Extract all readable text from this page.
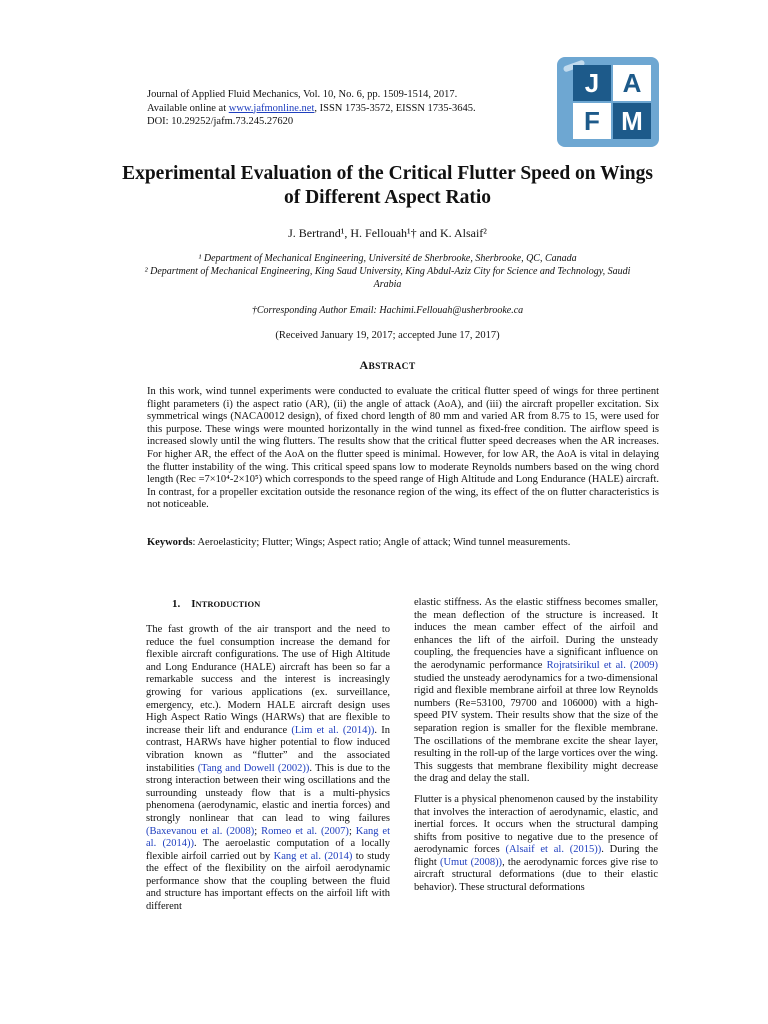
Journal of Applied Fluid Mechanics, Vol. 10, No. 6, pp. 1509-1514, 2017.
Available online at www.jafmonline.net, ISSN 1735-3572, EISSN 1735-3645.
DOI: 10.29252/jafm.73.245.27620
J A
F M
Experimental Evaluation of the Critical Flutter Speed on Wings of Different Aspect Ratio
J. Bertrand¹, H. Fellouah¹† and K. Alsaif²
¹ Department of Mechanical Engineering, Université de Sherbrooke, Sherbrooke, QC, Canada
² Department of Mechanical Engineering, King Saud University, King Abdul-Aziz City for Science and Technology, Saudi Arabia
†Corresponding Author Email: Hachimi.Fellouah@usherbrooke.ca
(Received January 19, 2017; accepted June 17, 2017)
ABSTRACT
In this work, wind tunnel experiments were conducted to evaluate the critical flutter speed of wings for three pertinent flight parameters (i) the aspect ratio (AR), (ii) the angle of attack (AoA), and (iii) the aircraft propeller excitation. Six symmetrical wings (NACA0012 design), of fixed chord length of 80 mm and varied AR from 8.75 to 15, were used for this purpose. These wings were mounted horizontally in the wind tunnel as fixed-free condition. The airflow speed is increased slowly until the wing flutters. The results show that the critical flutter speed decreases when the AR increases. For higher AR, the effect of the AoA on the flutter speed is minimal. However, for low AR, the AoA is vital in delaying the flutter instability of the wing. This critical speed spans low to moderate Reynolds numbers based on the wing chord length (Rec =7×10⁴-2×10⁵) which corresponds to the speed range of High Altitude and Long Endurance (HALE) aircraft. In contrast, for a propeller excitation outside the resonance region of the wing, its effect of the on flutter characteristics is not noticeable.
Keywords: Aeroelasticity; Flutter; Wings; Aspect ratio; Angle of attack; Wind tunnel measurements.
1. INTRODUCTION
The fast growth of the air transport and the need to reduce the fuel consumption increase the demand for flexible aircraft configurations. The use of High Altitude and Long Endurance (HALE) aircraft has been so far a remarkable success and the interest is increasingly growing for various applications (ex. surveillance, emergency, etc.). Modern HALE aircraft design uses High Aspect Ratio Wings (HARWs) that are flexible to increase their lift and endurance (Lim et al. (2014)). In contrast, HARWs have higher potential to flow induced vibration known as “flutter” and the associated instabilities (Tang and Dowell (2002)). This is due to the strong interaction between their wing oscillations and the surrounding unsteady flow that is a multi-physics phenomena (aerodynamic, elastic and inertia forces) and strongly nonlinear that can lead to wing failures (Baxevanou et al. (2008); Romeo et al. (2007); Kang et al. (2014)). The aeroelastic computation of a locally flexible airfoil carried out by Kang et al. (2014) to study the effect of the flexibility on the airfoil aerodynamic performance show that the coupling between the fluid and structure has important effects on the airfoil lift with different
elastic stiffness. As the elastic stiffness becomes smaller, the mean deflection of the structure is increased. It induces the mean camber effect of the airfoil and enhances the lift of the airfoil. During the unsteady coupling, the frequencies have a significant influence on the aerodynamic performance Rojratsirikul et al. (2009) studied the unsteady aerodynamics for a two-dimensional rigid and flexible membrane airfoil at three low Reynolds numbers (Re=53100, 79700 and 106000) with a high-speed PIV system. Their results show that the size of the separation region is smaller for the flexible membrane. The oscillations of the membrane excite the shear layer, resulting in the roll-up of the large vortices over the wing. This suggests that membrane flexibility might decrease the drag and delay the stall.
Flutter is a physical phenomenon caused by the instability that involves the interaction of aerodynamic, elastic, and inertial forces. It occurs when the structural damping shifts from positive to negative due to the presence of aerodynamic forces (Alsaif et al. (2015)). During the flight (Umut (2008)), the aerodynamic forces give rise to aircraft structural deformations (due to their elastic behavior). These structural deformations
